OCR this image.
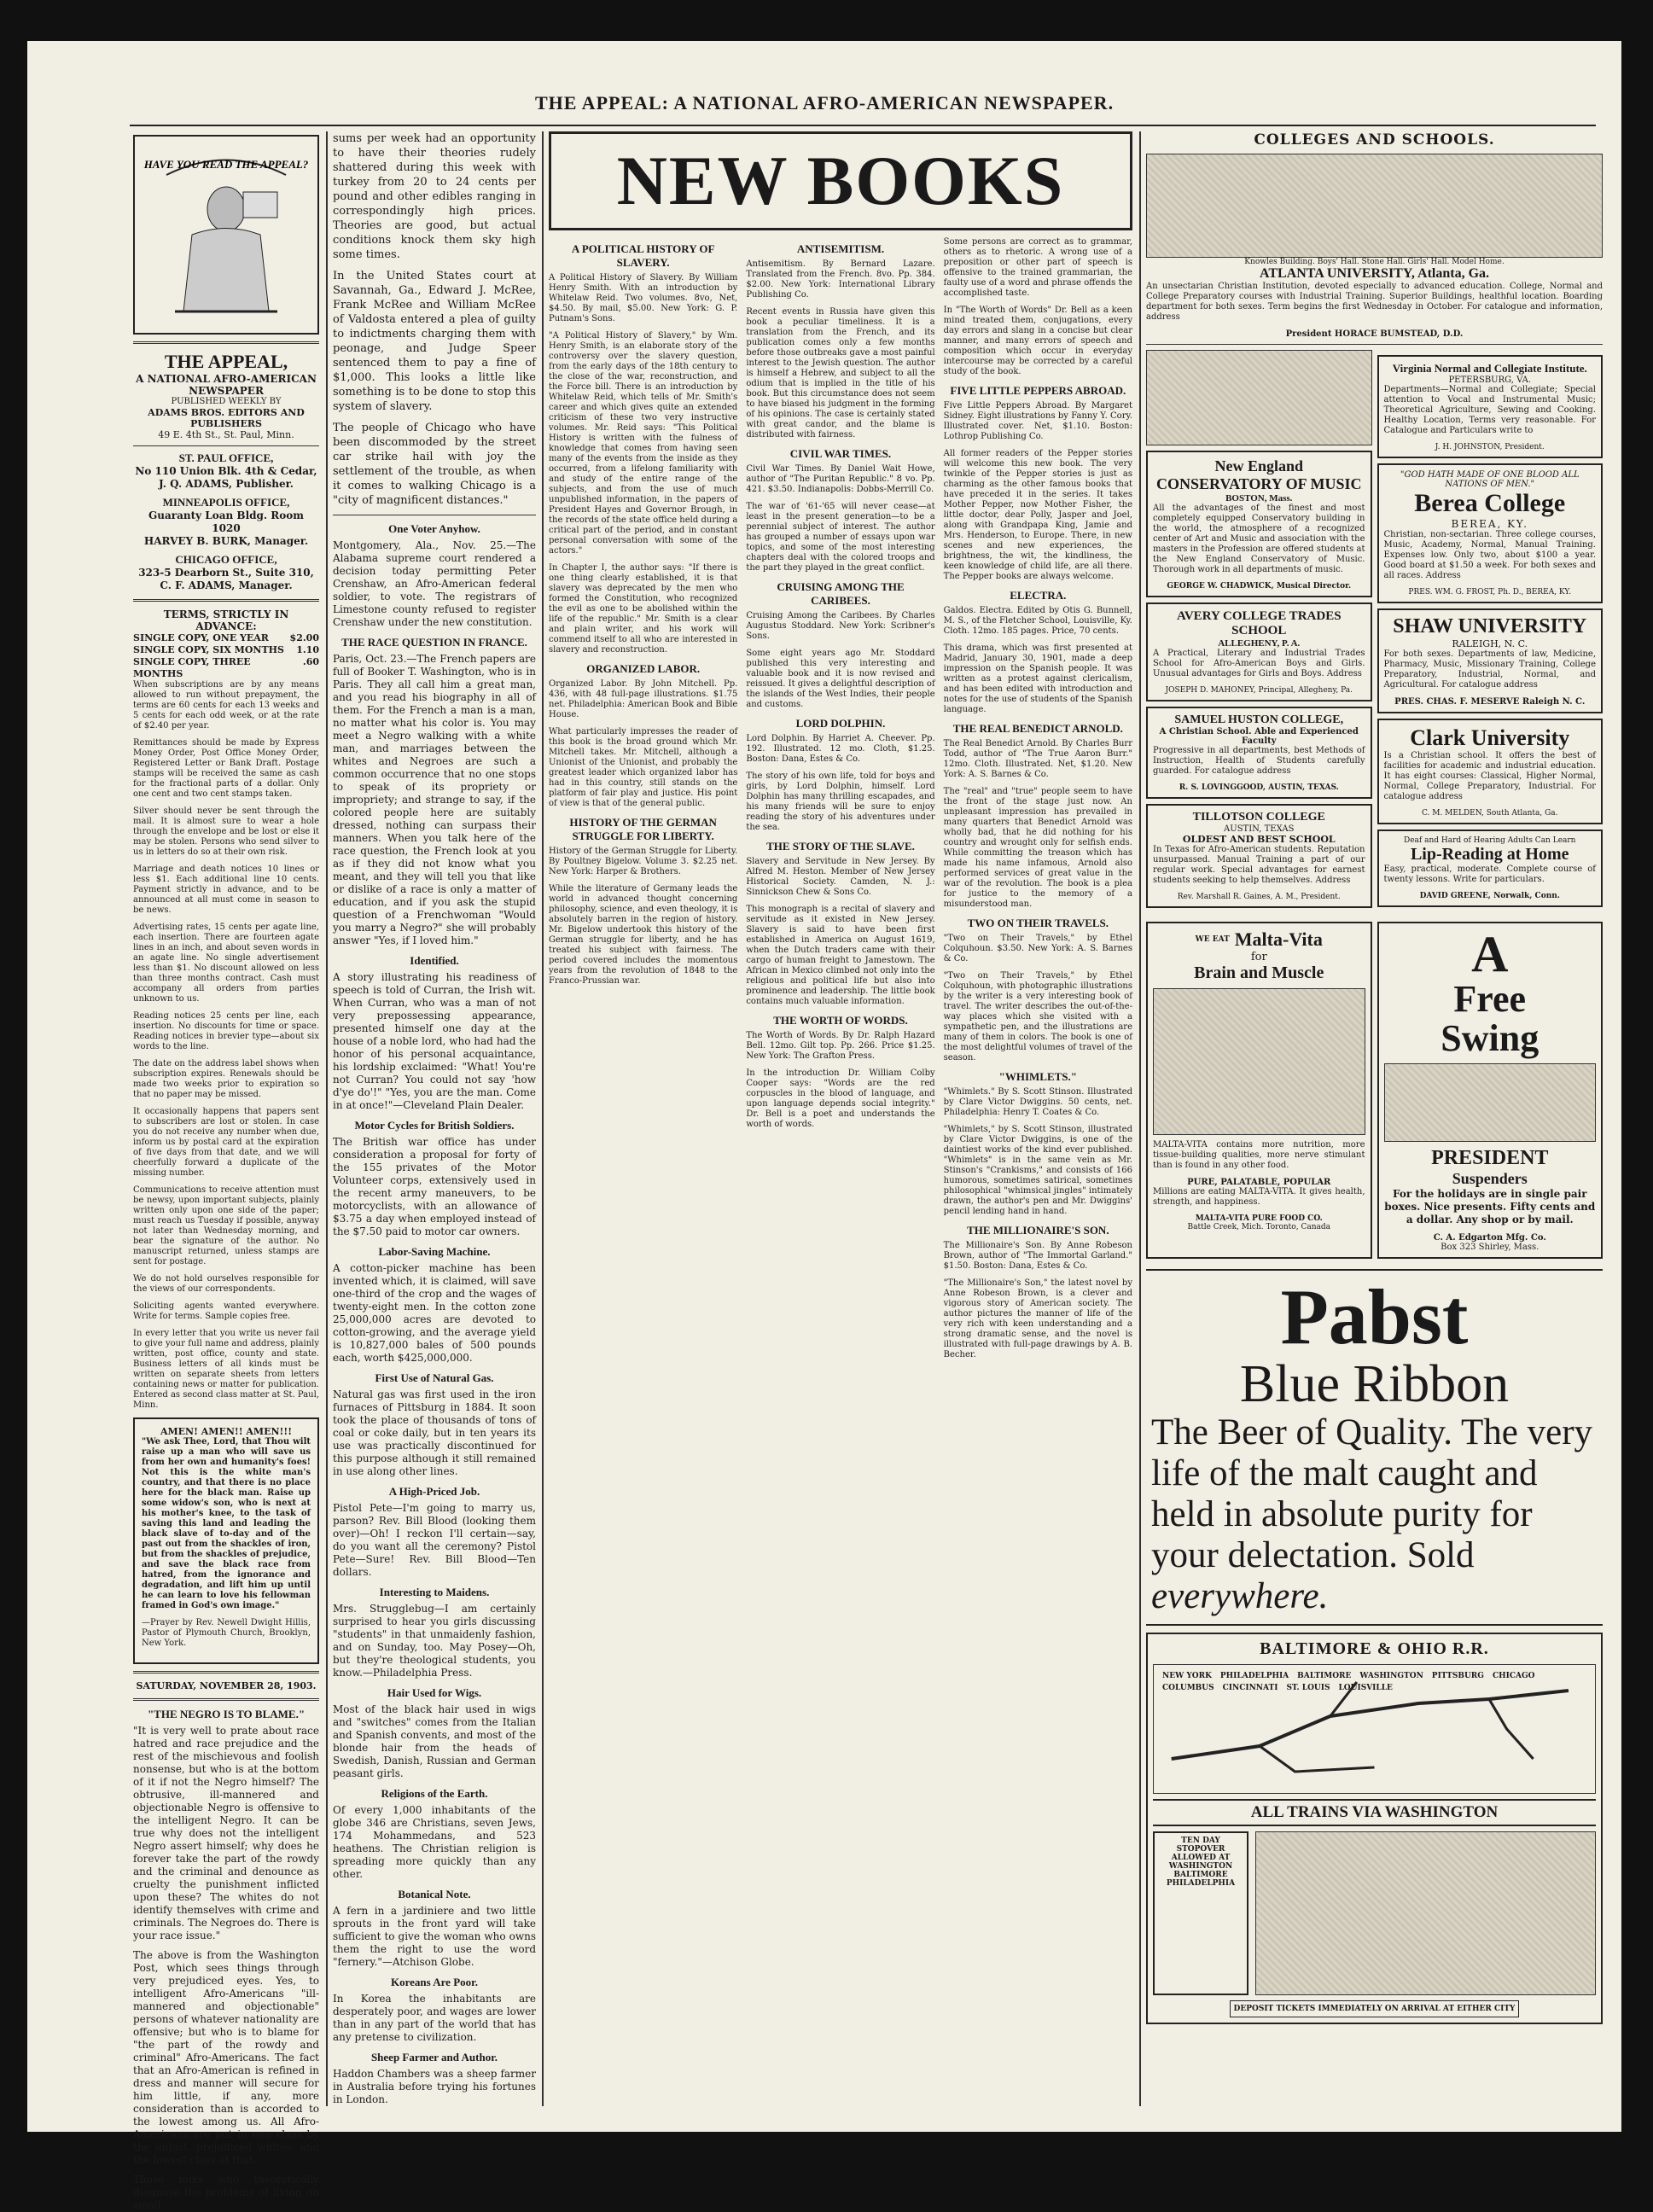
THE APPEAL: A NATIONAL AFRO-AMERICAN NEWSPAPER.
HAVE YOU READ THE APPEAL?
THE APPEAL,
A NATIONAL AFRO-AMERICAN NEWSPAPER
PUBLISHED WEEKLY BY
ADAMS BROS. EDITORS AND PUBLISHERS
49 E. 4th St., St. Paul, Minn.
ST. PAUL OFFICE,
No 110 Union Blk. 4th & Cedar,
J. Q. ADAMS, Publisher.
MINNEAPOLIS OFFICE,
Guaranty Loan Bldg. Room 1020
HARVEY B. BURK, Manager.
CHICAGO OFFICE,
323-5 Dearborn St., Suite 310,
C. F. ADAMS, Manager.
TERMS, STRICTLY IN ADVANCE:
SINGLE COPY, ONE YEAR $2.00
SINGLE COPY, SIX MONTHS 1.10
SINGLE COPY, THREE MONTHS
.60

When subscriptions are by any means allowed to run without prepayment, the terms are 60 cents for each 13 weeks and 5 cents for each odd week, or at the rate of $2.40 per year.

Remittances should be made by Express Money Order, Post Office Money Order, Registered Letter or Bank Draft. Postage stamps will be received the same as cash for the fractional parts of a dollar. Only one cent and two cent stamps taken.

Silver should never be sent through the mail. It is almost sure to wear a hole through the envelope and be lost or else it may be stolen. Persons who send silver to us in letters do so at their own risk.

Marriage and death notices 10 lines or less $1. Each additional line 10 cents. Payment strictly in advance, and to be announced at all must come in season to be news.

Advertising rates, 15 cents per agate line, each insertion. There are fourteen agate lines in an inch, and about seven words in an agate line. No single advertisement less than $1. No discount allowed on less than three months contract. Cash must accompany all orders from parties unknown to us.

Reading notices 25 cents per line, each insertion. No discounts for time or space. Reading notices in brevier type—about six words to the line.

The date on the address label shows when subscription expires. Renewals should be made two weeks prior to expiration so that no paper may be missed.

It occasionally happens that papers sent to subscribers are lost or stolen. In case you do not receive any number when due, inform us by postal card at the expiration of five days from that date, and we will cheerfully forward a duplicate of the missing number.

Communications to receive attention must be newsy, upon important subjects, plainly written only upon one side of the paper; must reach us Tuesday if possible, anyway not later than Wednesday morning, and bear the signature of the author. No manuscript returned, unless stamps are sent for postage.

We do not hold ourselves responsible for the views of our correspondents.

Soliciting agents wanted everywhere. Write for terms. Sample copies free.

In every letter that you write us never fail to give your full name and address, plainly written, post office, county and state. Business letters of all kinds must be written on separate sheets from letters containing news or matter for publication. Entered as second class matter at St. Paul, Minn.

AMEN! AMEN!! AMEN!!!

"We ask Thee, Lord, that Thou wilt raise up a man who will save us from her own and humanity's foes! Not this is the white man's country, and that there is no place here for the black man. Raise up some widow's son, who is next at his mother's knee, to the task of saving this land and leading the black slave of to-day and of the past out from the shackles of iron, but from the shackles of prejudice, and save the black race from hatred, from the ignorance and degradation, and lift him up until he can learn to love his fellowman framed in God's own image."

—Prayer by Rev. Newell Dwight Hillis, Pastor of Plymouth Church, Brooklyn, New York.

SATURDAY, NOVEMBER 28, 1903.
"THE NEGRO IS TO BLAME."

"It is very well to prate about race hatred and race prejudice and the rest of the mischievous and foolish nonsense, but who is at the bottom of it if not the Negro himself? The obtrusive, ill-mannered and objectionable Negro is offensive to the intelligent Negro. It can be true why does not the intelligent Negro assert himself; why does he forever take the part of the rowdy and the criminal and denounce as cruelty the punishment inflicted upon these? The whites do not identify themselves with crime and criminals. The Negroes do. There is your race issue."

The above is from the Washington Post, which sees things through very prejudiced eyes. Yes, to intelligent Afro-Americans "ill-mannered and objectionable" persons of whatever nationality are offensive; but who is to blame for "the part of the rowdy and criminal" Afro-Americans. The fact that an Afro-American is refined in dress and manner will secure for him little, if any, more consideration than is accorded to the lowest among us. All Afro-Americans are put in one class by the unjust, prejudiced whites, and the lowest class at that.

Those folks who theoretically diagnose the problems of living on small

sums per week had an opportunity to have their theories rudely shattered during this week with turkey from 20 to 24 cents per pound and other edibles ranging in correspondingly high prices. Theories are good, but actual conditions knock them sky high some times.

In the United States court at Savannah, Ga., Edward J. McRee, Frank McRee and William McRee of Valdosta entered a plea of guilty to indictments charging them with peonage, and Judge Speer sentenced them to pay a fine of $1,000. This looks a little like something is to be done to stop this system of slavery.

The people of Chicago who have been discommoded by the street car strike hail with joy the settlement of the trouble, as when it comes to walking Chicago is a "city of magnificent distances."

One Voter Anyhow.

Montgomery, Ala., Nov. 25.—The Alabama supreme court rendered a decision today permitting Peter Crenshaw, an Afro-American federal soldier, to vote. The registrars of Limestone county refused to register Crenshaw under the new constitution.

THE RACE QUESTION IN FRANCE.

Paris, Oct. 23.—The French papers are full of Booker T. Washington, who is in Paris. They all call him a great man, and you read his biography in all of them. For the French a man is a man, no matter what his color is. You may meet a Negro walking with a white man, and marriages between the whites and Negroes are such a common occurrence that no one stops to speak of its propriety or impropriety; and strange to say, if the colored people here are suitably dressed, nothing can surpass their manners. When you talk here of the race question, the French look at you as if they did not know what you meant, and they will tell you that like or dislike of a race is only a matter of education, and if you ask the stupid question of a Frenchwoman "Would you marry a Negro?" she will probably answer "Yes, if I loved him."

Identified.

A story illustrating his readiness of speech is told of Curran, the Irish wit. When Curran, who was a man of not very prepossessing appearance, presented himself one day at the house of a noble lord, who had had the honor of his personal acquaintance, his lordship exclaimed: "What! You're not Curran? You could not say 'how d'ye do'!" "Yes, you are the man. Come in at once!"—Cleveland Plain Dealer.

Motor Cycles for British Soldiers.

The British war office has under consideration a proposal for forty of the 155 privates of the Motor Volunteer corps, extensively used in the recent army maneuvers, to be motorcyclists, with an allowance of $3.75 a day when employed instead of the $7.50 paid to motor car owners.

Labor-Saving Machine.

A cotton-picker machine has been invented which, it is claimed, will save one-third of the crop and the wages of twenty-eight men. In the cotton zone 25,000,000 acres are devoted to cotton-growing, and the average yield is 10,827,000 bales of 500 pounds each, worth $425,000,000.

First Use of Natural Gas.

Natural gas was first used in the iron furnaces of Pittsburg in 1884. It soon took the place of thousands of tons of coal or coke daily, but in ten years its use was practically discontinued for this purpose although it still remained in use along other lines.

A High-Priced Job.

Pistol Pete—I'm going to marry us, parson? Rev. Bill Blood (looking them over)—Oh! I reckon I'll certain—say, do you want all the ceremony? Pistol Pete—Sure! Rev. Bill Blood—Ten dollars.

Interesting to Maidens.

Mrs. Strugglebug—I am certainly surprised to hear you girls discussing "students" in that unmaidenly fashion, and on Sunday, too. May Posey—Oh, but they're theological students, you know.—Philadelphia Press.

Hair Used for Wigs.

Most of the black hair used in wigs and "switches" comes from the Italian and Spanish convents, and most of the blonde hair from the heads of Swedish, Danish, Russian and German peasant girls.

Religions of the Earth.

Of every 1,000 inhabitants of the globe 346 are Christians, seven Jews, 174 Mohammedans, and 523 heathens. The Christian religion is spreading more quickly than any other.

Botanical Note.

A fern in a jardiniere and two little sprouts in the front yard will take sufficient to give the woman who owns them the right to use the word "fernery."—Atchison Globe.

Koreans Are Poor.

In Korea the inhabitants are desperately poor, and wages are lower than in any part of the world that has any pretense to civilization.

Sheep Farmer and Author.

Haddon Chambers was a sheep farmer in Australia before trying his fortunes in London.

NEW BOOKS
A POLITICAL HISTORY OF SLAVERY.

A Political History of Slavery. By William Henry Smith. With an introduction by Whitelaw Reid. Two volumes. 8vo, Net, $4.50. By mail, $5.00. New York: G. P. Putnam's Sons.

"A Political History of Slavery," by Wm. Henry Smith, is an elaborate story of the controversy over the slavery question, from the early days of the 18th century to the close of the war, reconstruction, and the Force bill. There is an introduction by Whitelaw Reid, which tells of Mr. Smith's career and which gives quite an extended criticism of these two very instructive volumes. Mr. Reid says: "This Political History is written with the fulness of knowledge that comes from having seen many of the events from the inside as they occurred, from a lifelong familiarity with and study of the entire range of the subjects, and from the use of much unpublished information, in the papers of President Hayes and Governor Brough, in the records of the state office held during a critical part of the period, and in constant personal conversation with some of the actors."

In Chapter I, the author says: "If there is one thing clearly established, it is that slavery was deprecated by the men who formed the Constitution, who recognized the evil as one to be abolished within the life of the republic." Mr. Smith is a clear and plain writer, and his work will commend itself to all who are interested in slavery and reconstruction.

ORGANIZED LABOR.

Organized Labor. By John Mitchell. Pp. 436, with 48 full-page illustrations. $1.75 net. Philadelphia: American Book and Bible House.

What particularly impresses the reader of this book is the broad ground which Mr. Mitchell takes. Mr. Mitchell, although a Unionist of the Unionist, and probably the greatest leader which organized labor has had in this country, still stands on the platform of fair play and justice. His point of view is that of the general public.

HISTORY OF THE GERMAN STRUGGLE FOR LIBERTY.

History of the German Struggle for Liberty. By Poultney Bigelow. Volume 3. $2.25 net. New York: Harper & Brothers.

While the literature of Germany leads the world in advanced thought concerning philosophy, science, and even theology, it is absolutely barren in the region of history. Mr. Bigelow undertook this history of the German struggle for liberty, and he has treated his subject with fairness. The period covered includes the momentous years from the revolution of 1848 to the Franco-Prussian war.

ANTISEMITISM.

Antisemitism. By Bernard Lazare. Translated from the French. 8vo. Pp. 384. $2.00. New York: International Library Publishing Co.

Recent events in Russia have given this book a peculiar timeliness. It is a translation from the French, and its publication comes only a few months before those outbreaks gave a most painful interest to the Jewish question. The author is himself a Hebrew, and subject to all the odium that is implied in the title of his book. But this circumstance does not seem to have biased his judgment in the forming of his opinions. The case is certainly stated with great candor, and the blame is distributed with fairness.

CIVIL WAR TIMES.

Civil War Times. By Daniel Wait Howe, author of "The Puritan Republic." 8 vo. Pp. 421. $3.50. Indianapolis: Dobbs-Merrill Co.

The war of '61-'65 will never cease—at least in the present generation—to be a perennial subject of interest. The author has grouped a number of essays upon war topics, and some of the most interesting chapters deal with the colored troops and the part they played in the great conflict.

CRUISING AMONG THE CARIBEES.

Cruising Among the Caribees. By Charles Augustus Stoddard. New York: Scribner's Sons.

Some eight years ago Mr. Stoddard published this very interesting and valuable book and it is now revised and reissued. It gives a delightful description of the islands of the West Indies, their people and customs.

LORD DOLPHIN.

Lord Dolphin. By Harriet A. Cheever. Pp. 192. Illustrated. 12 mo. Cloth, $1.25. Boston: Dana, Estes & Co.

The story of his own life, told for boys and girls, by Lord Dolphin, himself. Lord Dolphin has many thrilling escapades, and his many friends will be sure to enjoy reading the story of his adventures under the sea.

THE STORY OF THE SLAVE.

Slavery and Servitude in New Jersey. By Alfred M. Heston. Member of New Jersey Historical Society. Camden, N. J.: Sinnickson Chew & Sons Co.

This monograph is a recital of slavery and servitude as it existed in New Jersey. Slavery is said to have been first established in America on August 1619, when the Dutch traders came with their cargo of human freight to Jamestown. The African in Mexico climbed not only into the religious and political life but also into prominence and leadership. The little book contains much valuable information.

THE WORTH OF WORDS.

The Worth of Words. By Dr. Ralph Hazard Bell. 12mo. Gilt top. Pp. 266. Price $1.25. New York: The Grafton Press.

In the introduction Dr. William Colby Cooper says: "Words are the red corpuscles in the blood of language, and upon language depends social integrity." Dr. Bell is a poet and understands the worth of words.

Some persons are correct as to grammar, others as to rhetoric. A wrong use of a preposition or other part of speech is offensive to the trained grammarian, the faulty use of a word and phrase offends the accomplished taste.

In "The Worth of Words" Dr. Bell as a keen mind treated them, conjugations, every day errors and slang in a concise but clear manner, and many errors of speech and composition which occur in everyday intercourse may be corrected by a careful study of the book.

FIVE LITTLE PEPPERS ABROAD.

Five Little Peppers Abroad. By Margaret Sidney. Eight illustrations by Fanny Y. Cory. Illustrated cover. Net, $1.10. Boston: Lothrop Publishing Co.

All former readers of the Pepper stories will welcome this new book. The very twinkle of the Pepper stories is just as charming as the other famous books that have preceded it in the series. It takes Mother Pepper, now Mother Fisher, the little doctor, dear Polly, Jasper and Joel, along with Grandpapa King, Jamie and Mrs. Henderson, to Europe. There, in new scenes and new experiences, the brightness, the wit, the kindliness, the keen knowledge of child life, are all there. The Pepper books are always welcome.

ELECTRA.

Galdos. Electra. Edited by Otis G. Bunnell, M. S., of the Fletcher School, Louisville, Ky. Cloth. 12mo. 185 pages. Price, 70 cents.

This drama, which was first presented at Madrid, January 30, 1901, made a deep impression on the Spanish people. It was written as a protest against clericalism, and has been edited with introduction and notes for the use of students of the Spanish language.

THE REAL BENEDICT ARNOLD.

The Real Benedict Arnold. By Charles Burr Todd, author of "The True Aaron Burr." 12mo. Cloth. Illustrated. Net, $1.20. New York: A. S. Barnes & Co.

The "real" and "true" people seem to have the front of the stage just now. An unpleasant impression has prevailed in many quarters that Benedict Arnold was wholly bad, that he did nothing for his country and wrought only for selfish ends. While committing the treason which has made his name infamous, Arnold also performed services of great value in the war of the revolution. The book is a plea for justice to the memory of a misunderstood man.

TWO ON THEIR TRAVELS.

"Two on Their Travels," by Ethel Colquhoun. $3.50. New York: A. S. Barnes & Co.

"Two on Their Travels," by Ethel Colquhoun, with photographic illustrations by the writer is a very interesting book of travel. The writer describes the out-of-the-way places which she visited with a sympathetic pen, and the illustrations are many of them in colors. The book is one of the most delightful volumes of travel of the season.

"WHIMLETS."

"Whimlets." By S. Scott Stinson. Illustrated by Clare Victor Dwiggins. 50 cents, net. Philadelphia: Henry T. Coates & Co.

"Whimlets," by S. Scott Stinson, illustrated by Clare Victor Dwiggins, is one of the daintiest works of the kind ever published. "Whimlets" is in the same vein as Mr. Stinson's "Crankisms," and consists of 166 humorous, sometimes satirical, sometimes philosophical "whimsical jingles" intimately drawn, the author's pen and Mr. Dwiggins' pencil lending hand in hand.

THE MILLIONAIRE'S SON.

The Millionaire's Son. By Anne Robeson Brown, author of "The Immortal Garland." $1.50. Boston: Dana, Estes & Co.

"The Millionaire's Son," the latest novel by Anne Robeson Brown, is a clever and vigorous story of American society. The author pictures the manner of life of the very rich with keen understanding and a strong dramatic sense, and the novel is illustrated with full-page drawings by A. B. Becher.

COLLEGES AND SCHOOLS.
Knowles Building. Boys' Hall. Stone Hall. Girls' Hall. Model Home.
ATLANTA UNIVERSITY, Atlanta, Ga.

An unsectarian Christian Institution, devoted especially to advanced education. College, Normal and College Preparatory courses with Industrial Training. Superior Buildings, healthful location. Boarding department for both sexes. Term begins the first Wednesday in October. For catalogue and information, address

President HORACE BUMSTEAD, D.D.
New England CONSERVATORY OF MUSIC
BOSTON, Mass.

All the advantages of the finest and most completely equipped Conservatory building in the world, the atmosphere of a recognized center of Art and Music and association with the masters in the Profession are offered students at the New England Conservatory of Music. Thorough work in all departments of music.

GEORGE W. CHADWICK, Musical Director.
AVERY COLLEGE TRADES SCHOOL
ALLEGHENY, P. A.

A Practical, Literary and Industrial Trades School for Afro-American Boys and Girls. Unusual advantages for Girls and Boys. Address

JOSEPH D. MAHONEY, Principal, Allegheny, Pa.
SAMUEL HUSTON COLLEGE,
A Christian School. Able and Experienced Faculty

Progressive in all departments, best Methods of Instruction, Health of Students carefully guarded. For catalogue address

R. S. LOVINGGOOD, AUSTIN, TEXAS.
TILLOTSON COLLEGE
AUSTIN, TEXAS
OLDEST AND BEST SCHOOL

In Texas for Afro-American students. Reputation unsurpassed. Manual Training a part of our regular work. Special advantages for earnest students seeking to help themselves. Address

Rev. Marshall R. Gaines, A. M., President.
Virginia Normal and Collegiate Institute.
PETERSBURG, VA.

Departments—Normal and Collegiate; Special attention to Vocal and Instrumental Music; Theoretical Agriculture, Sewing and Cooking. Healthy Location, Terms very reasonable. For Catalogue and Particulars write to

J. H. JOHNSTON, President.
"GOD HATH MADE OF ONE BLOOD ALL NATIONS OF MEN."
Berea College
BEREA, KY.

Christian, non-sectarian. Three college courses, Music, Academy, Normal, Manual Training. Expenses low. Only two, about $100 a year. Good board at $1.50 a week. For both sexes and all races. Address

PRES. WM. G. FROST, Ph. D., BEREA, KY.
SHAW UNIVERSITY
RALEIGH, N. C.

For both sexes. Departments of law, Medicine, Pharmacy, Music, Missionary Training, College Preparatory, Industrial, Normal, and Agricultural. For catalogue address

PRES. CHAS. F. MESERVE Raleigh N. C.
Clark University

Is a Christian school. It offers the best of facilities for academic and industrial education. It has eight courses: Classical, Higher Normal, Normal, College Preparatory, Industrial. For catalogue address

C. M. MELDEN, South Atlanta, Ga.
Deaf and Hard of Hearing Adults Can Learn
Lip-Reading at Home

Easy, practical, moderate. Complete course of twenty lessons. Write for particulars.

DAVID GREENE, Norwalk, Conn.
WE EAT Malta-Vita
for
Brain and Muscle

MALTA-VITA contains more nutrition, more tissue-building qualities, more nerve stimulant than is found in any other food.

PURE, PALATABLE, POPULAR

Millions are eating MALTA-VITA. It gives health, strength, and happiness.

MALTA-VITA PURE FOOD CO.
Battle Creek, Mich. Toronto, Canada
A
Free
Swing
PRESIDENT
Suspenders

For the holidays are in single pair boxes. Nice presents. Fifty cents and a dollar. Any shop or by mail.

C. A. Edgarton Mfg. Co.
Box 323 Shirley, Mass.
Pabst
Blue Ribbon
The Beer of Quality. The very life of the malt caught and held in absolute purity for your delectation. Sold everywhere.
BALTIMORE & OHIO R.R.
NEW YORK PHILADELPHIA BALTIMORE WASHINGTON PITTSBURG CHICAGO
COLUMBUS CINCINNATI ST. LOUIS LOUISVILLE
ALL TRAINS VIA WASHINGTON
TEN DAY STOPOVER ALLOWED AT WASHINGTON BALTIMORE PHILADELPHIA
DEPOSIT TICKETS IMMEDIATELY ON ARRIVAL AT EITHER CITY
